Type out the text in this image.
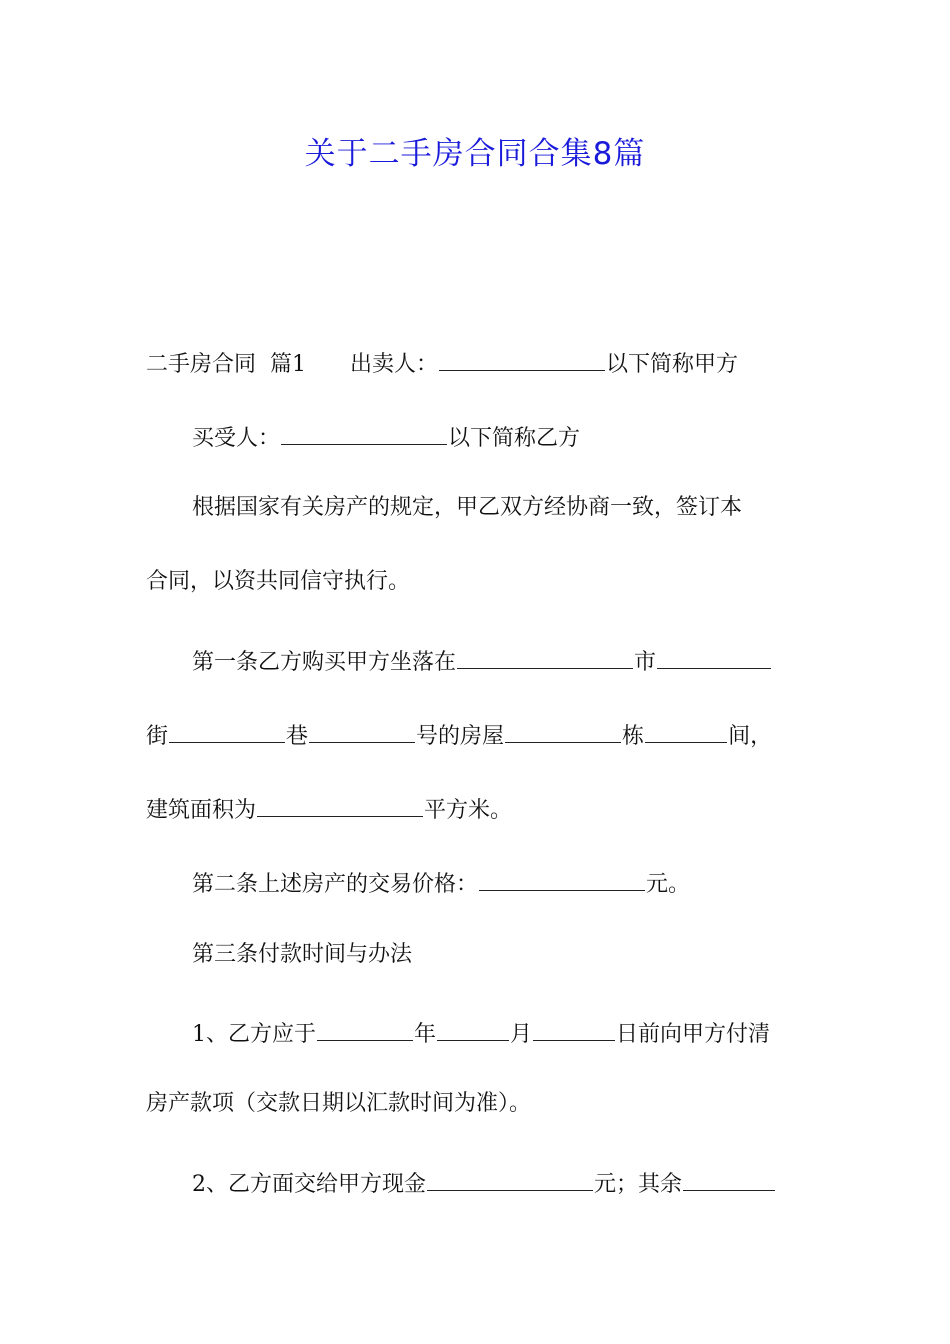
关于二手房合同合集8篇
二手房合同 篇1 出卖人：	以下简称甲方
买受人：	以下简称乙方
根据国家有关房产的规定，甲乙双方经协商一致，签订本
合同，以资共同信守执行。
第一条乙方购买甲方坐落在	市
街	巷	号的房屋	栋	间，
建筑面积为	平方米。
第二条上述房产的交易价格：	元。
第三条付款时间与办法
1、乙方应于	年	月	日前向甲方付清
房产款项（交款日期以汇款时间为准）。
2、乙方面交给甲方现金	元；其余
